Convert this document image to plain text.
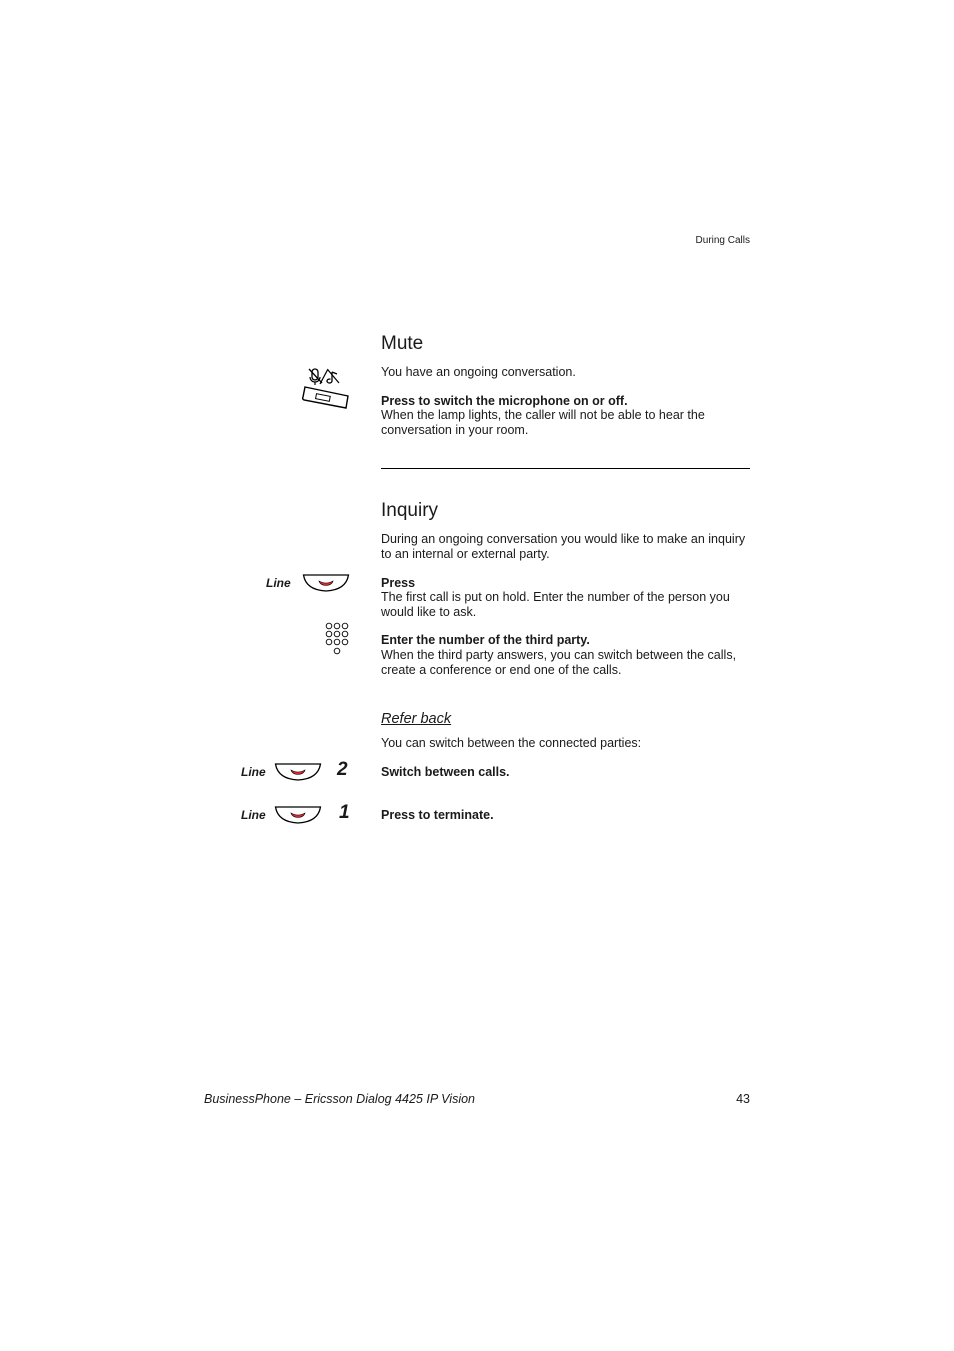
During Calls
Mute
You have an ongoing conversation.
Press to switch the microphone on or off.
When the lamp lights, the caller will not be able to hear the conversation in your room.
Inquiry
During an ongoing conversation you would like to make an inquiry to an internal or external party.
Line	Press
The first call is put on hold. Enter the number of the person you would like to ask.
Enter the number of the third party.
When the third party answers, you can switch between the calls, create a conference or end one of the calls.
Refer back
You can switch between the connected parties:
Line	2	Switch between calls.
Line	1	Press to terminate.
BusinessPhone – Ericsson Dialog 4425 IP Vision	43
